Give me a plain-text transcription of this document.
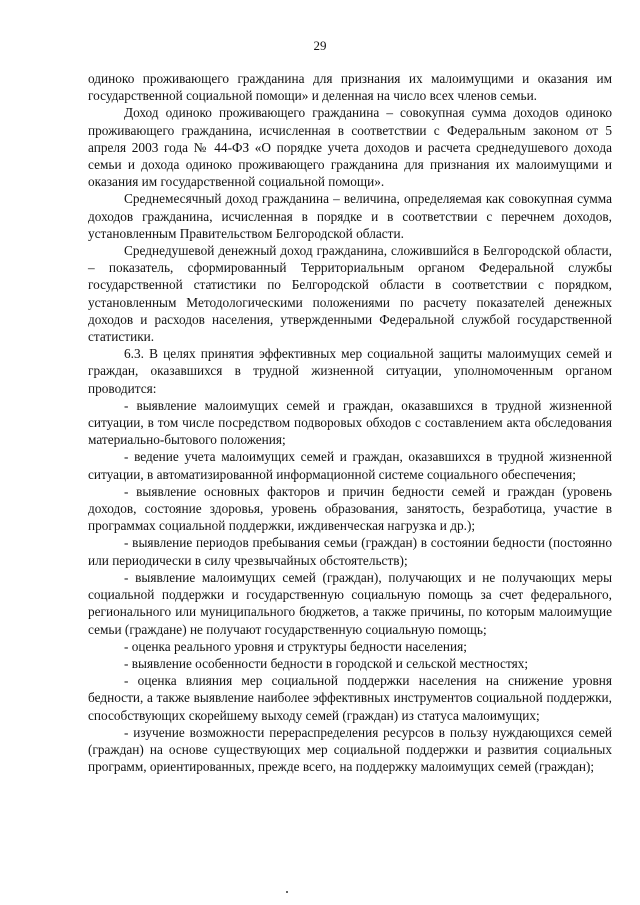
29

одиноко проживающего гражданина для признания их малоимущими и оказания им государственной социальной помощи» и деленная на число всех членов семьи.

Доход одиноко проживающего гражданина – совокупная сумма доходов одиноко проживающего гражданина, исчисленная в соответствии с Федеральным законом от 5 апреля 2003 года № 44-ФЗ «О порядке учета доходов и расчета среднедушевого дохода семьи и дохода одиноко проживающего гражданина для признания их малоимущими и оказания им государственной социальной помощи».

Среднемесячный доход гражданина – величина, определяемая как совокупная сумма доходов гражданина, исчисленная в порядке и в соответствии с перечнем доходов, установленным Правительством Белгородской области.

Среднедушевой денежный доход гражданина, сложившийся в Белгородской области, – показатель, сформированный Территориальным органом Федеральной службы государственной статистики по Белгородской области в соответствии с порядком, установленным Методологическими положениями по расчету показателей денежных доходов и расходов населения, утвержденными Федеральной службой государственной статистики.

6.3. В целях принятия эффективных мер социальной защиты малоимущих семей и граждан, оказавшихся в трудной жизненной ситуации, уполномоченным органом проводится:

- выявление малоимущих семей и граждан, оказавшихся в трудной жизненной ситуации, в том числе посредством подворовых обходов с составлением акта обследования материально-бытового положения;

- ведение учета малоимущих семей и граждан, оказавшихся в трудной жизненной ситуации, в автоматизированной информационной системе социального обеспечения;

- выявление основных факторов и причин бедности семей и граждан (уровень доходов, состояние здоровья, уровень образования, занятость, безработица, участие в программах социальной поддержки, иждивенческая нагрузка и др.);

- выявление периодов пребывания семьи (граждан) в состоянии бедности (постоянно или периодически в силу чрезвычайных обстоятельств);

- выявление малоимущих семей (граждан), получающих и не получающих меры социальной поддержки и государственную социальную помощь за счет федерального, регионального или муниципального бюджетов, а также причины, по которым малоимущие семьи (граждане) не получают государственную социальную помощь;

- оценка реального уровня и структуры бедности населения;

- выявление особенности бедности в городской и сельской местностях;

- оценка влияния мер социальной поддержки населения на снижение уровня бедности, а также выявление наиболее эффективных инструментов социальной поддержки, способствующих скорейшему выходу семей (граждан) из статуса малоимущих;

- изучение возможности перераспределения ресурсов в пользу нуждающихся семей (граждан) на основе существующих мер социальной поддержки и развития социальных программ, ориентированных, прежде всего, на поддержку малоимущих семей (граждан);
